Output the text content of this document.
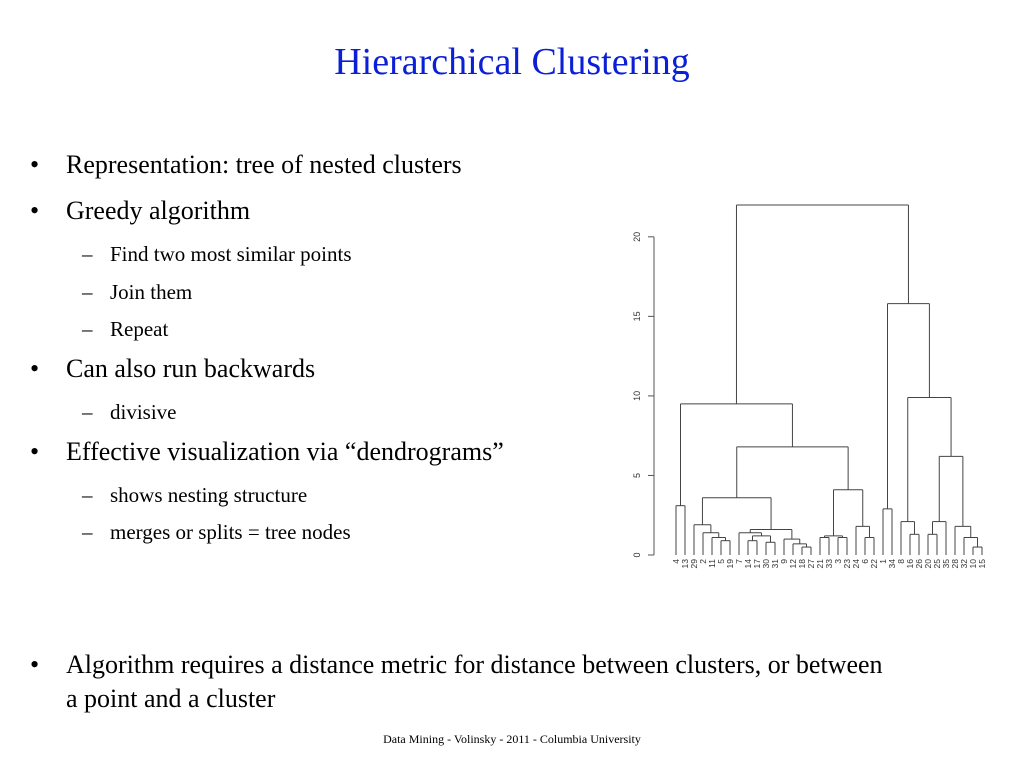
Hierarchical Clustering
• Representation: tree of nested clusters
• Greedy algorithm
– Find two most similar points
– Join them
– Repeat
• Can also run backwards
– divisive
• Effective visualization via “dendrograms”
– shows nesting structure
– merges or splits = tree nodes
0
5
10
15
20
4 13 29 2 11 5 19 7 14 17 30 31 9 12 18 27 21 33 3 23 24 6 22 1 34 8 16 26 20 25 35 28 32 10 15
• Algorithm requires a distance metric for distance between clusters, or between a point and a cluster
Data Mining - Volinsky - 2011 - Columbia University
